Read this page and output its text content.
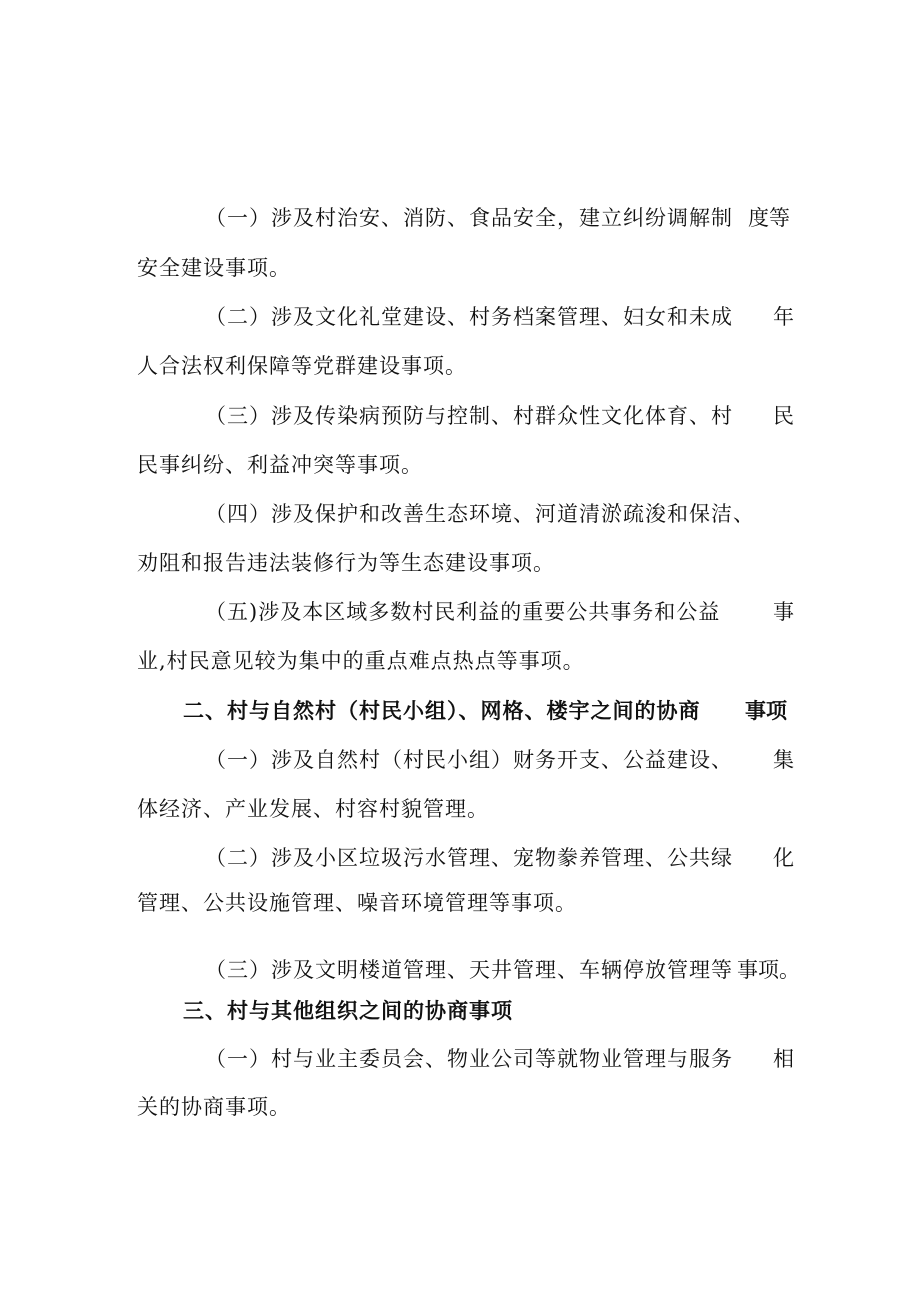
（一）涉及村治安、消防、食品安全，建立纠纷调解制 度等
安全建设事项。
（二）涉及文化礼堂建设、村务档案管理、妇女和未成	年
人合法权利保障等党群建设事项。
（三）涉及传染病预防与控制、村群众性文化体育、村	民
民事纠纷、利益冲突等事项。
（四）涉及保护和改善生态环境、河道清淤疏浚和保洁、
劝阻和报告违法装修行为等生态建设事项。
（五)涉及本区域多数村民利益的重要公共事务和公益	事
业,村民意见较为集中的重点难点热点等事项。
二、村与自然村（村民小组）、网格、楼宇之间的协商	事项
（一）涉及自然村（村民小组）财务开支、公益建设、	集
体经济、产业发展、村容村貌管理。
（二）涉及小区垃圾污水管理、宠物豢养管理、公共绿	化
管理、公共设施管理、噪音环境管理等事项。
（三）涉及文明楼道管理、天井管理、车辆停放管理等 事项。
三、村与其他组织之间的协商事项
（一）村与业主委员会、物业公司等就物业管理与服务	相
关的协商事项。
